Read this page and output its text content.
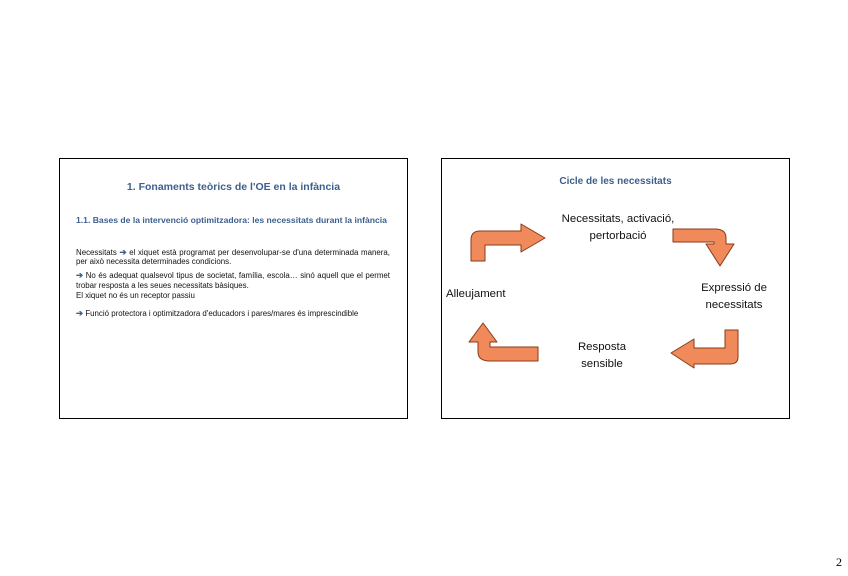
1. Fonaments teòrics de l'OE en la infància
1.1. Bases de la intervenció optimitzadora: les necessitats durant la infància

Necessitats ➔ el xiquet està programat per desenvolupar-se d'una determinada manera, per això necessita determinades condicions.

➔ No és adequat qualsevol tipus de societat, família, escola… sinó aquell que el permet trobar resposta a les seues necessitats bàsiques.

El xiquet no és un receptor passiu

➔ Funció protectora i optimitzadora d'educadors i pares/mares és imprescindible

Cicle de les necessitats
Necessitats, activació,
pertorbació
Expressió de
necessitats
Resposta
sensible
Alleujament
2
